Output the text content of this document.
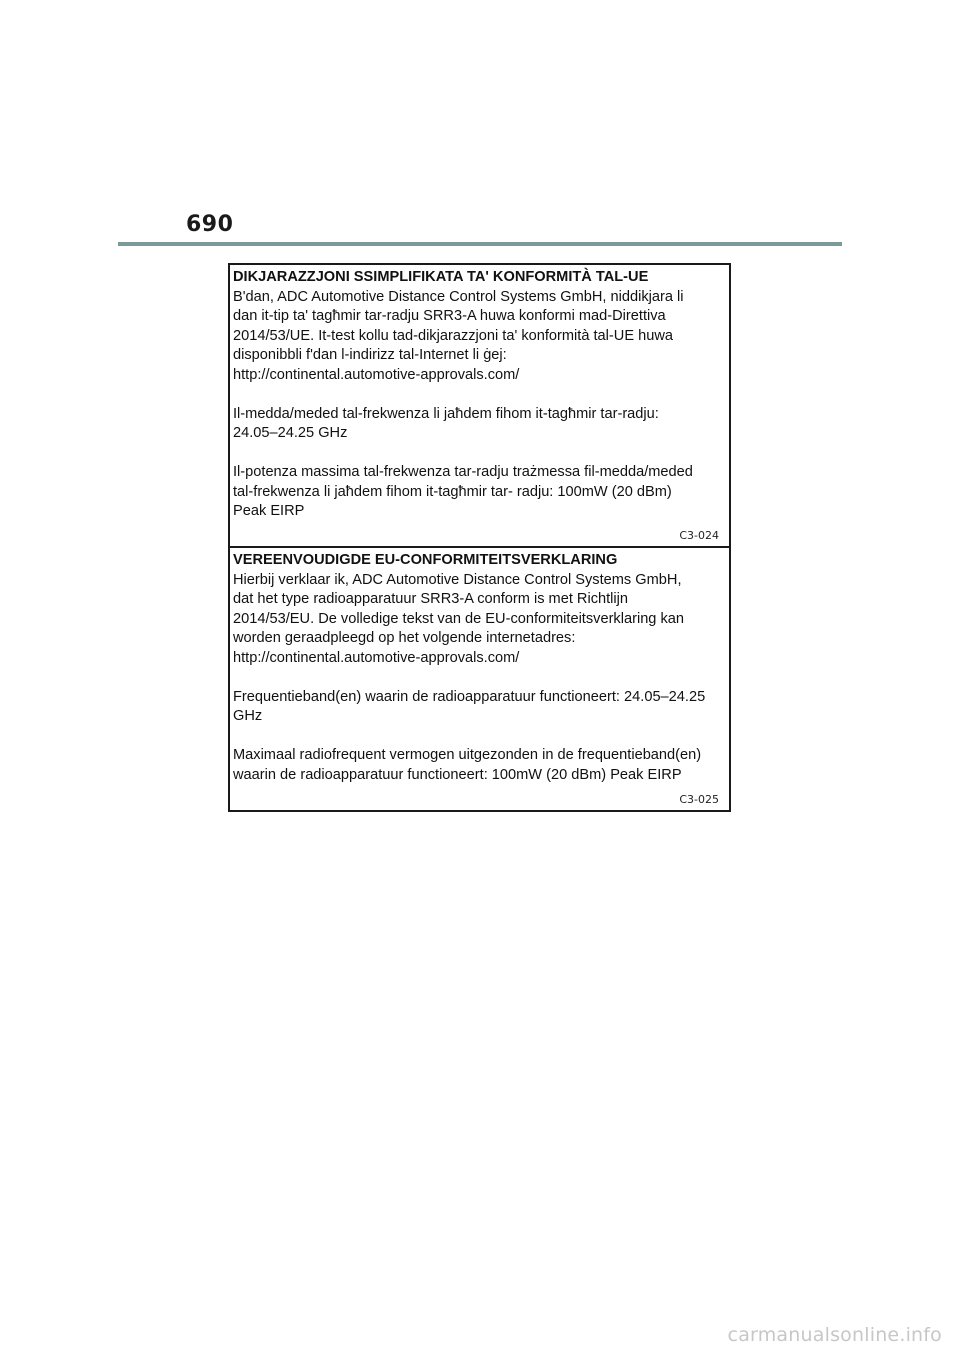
690
DIKJARAZZJONI SSIMPLIFIKATA TA' KONFORMITÀ TAL-UE
B'dan, ADC Automotive Distance Control Systems GmbH, niddikjara li
dan it-tip ta' tagħmir tar-radju SRR3-A huwa konformi mad-Direttiva
2014/53/UE. It-test kollu tad-dikjarazzjoni ta' konformità tal-UE huwa
disponibbli f'dan l-indirizz tal-Internet li ġej:
http://continental.automotive-approvals.com/
Il-medda/meded tal-frekwenza li jaħdem fihom it-tagħmir tar-radju:
24.05–24.25 GHz
Il-potenza massima tal-frekwenza tar-radju trażmessa fil-medda/meded
tal-frekwenza li jaħdem fihom it-tagħmir tar- radju: 100mW (20 dBm)
Peak EIRP
C3-024
VEREENVOUDIGDE EU-CONFORMITEITSVERKLARING
Hierbij verklaar ik, ADC Automotive Distance Control Systems GmbH,
dat het type radioapparatuur SRR3-A conform is met Richtlijn
2014/53/EU. De volledige tekst van de EU-conformiteitsverklaring kan
worden geraadpleegd op het volgende internetadres:
http://continental.automotive-approvals.com/
Frequentieband(en) waarin de radioapparatuur functioneert: 24.05–24.25
GHz
Maximaal radiofrequent vermogen uitgezonden in de frequentieband(en)
waarin de radioapparatuur functioneert: 100mW (20 dBm) Peak EIRP
C3-025
carmanualsonline.info
